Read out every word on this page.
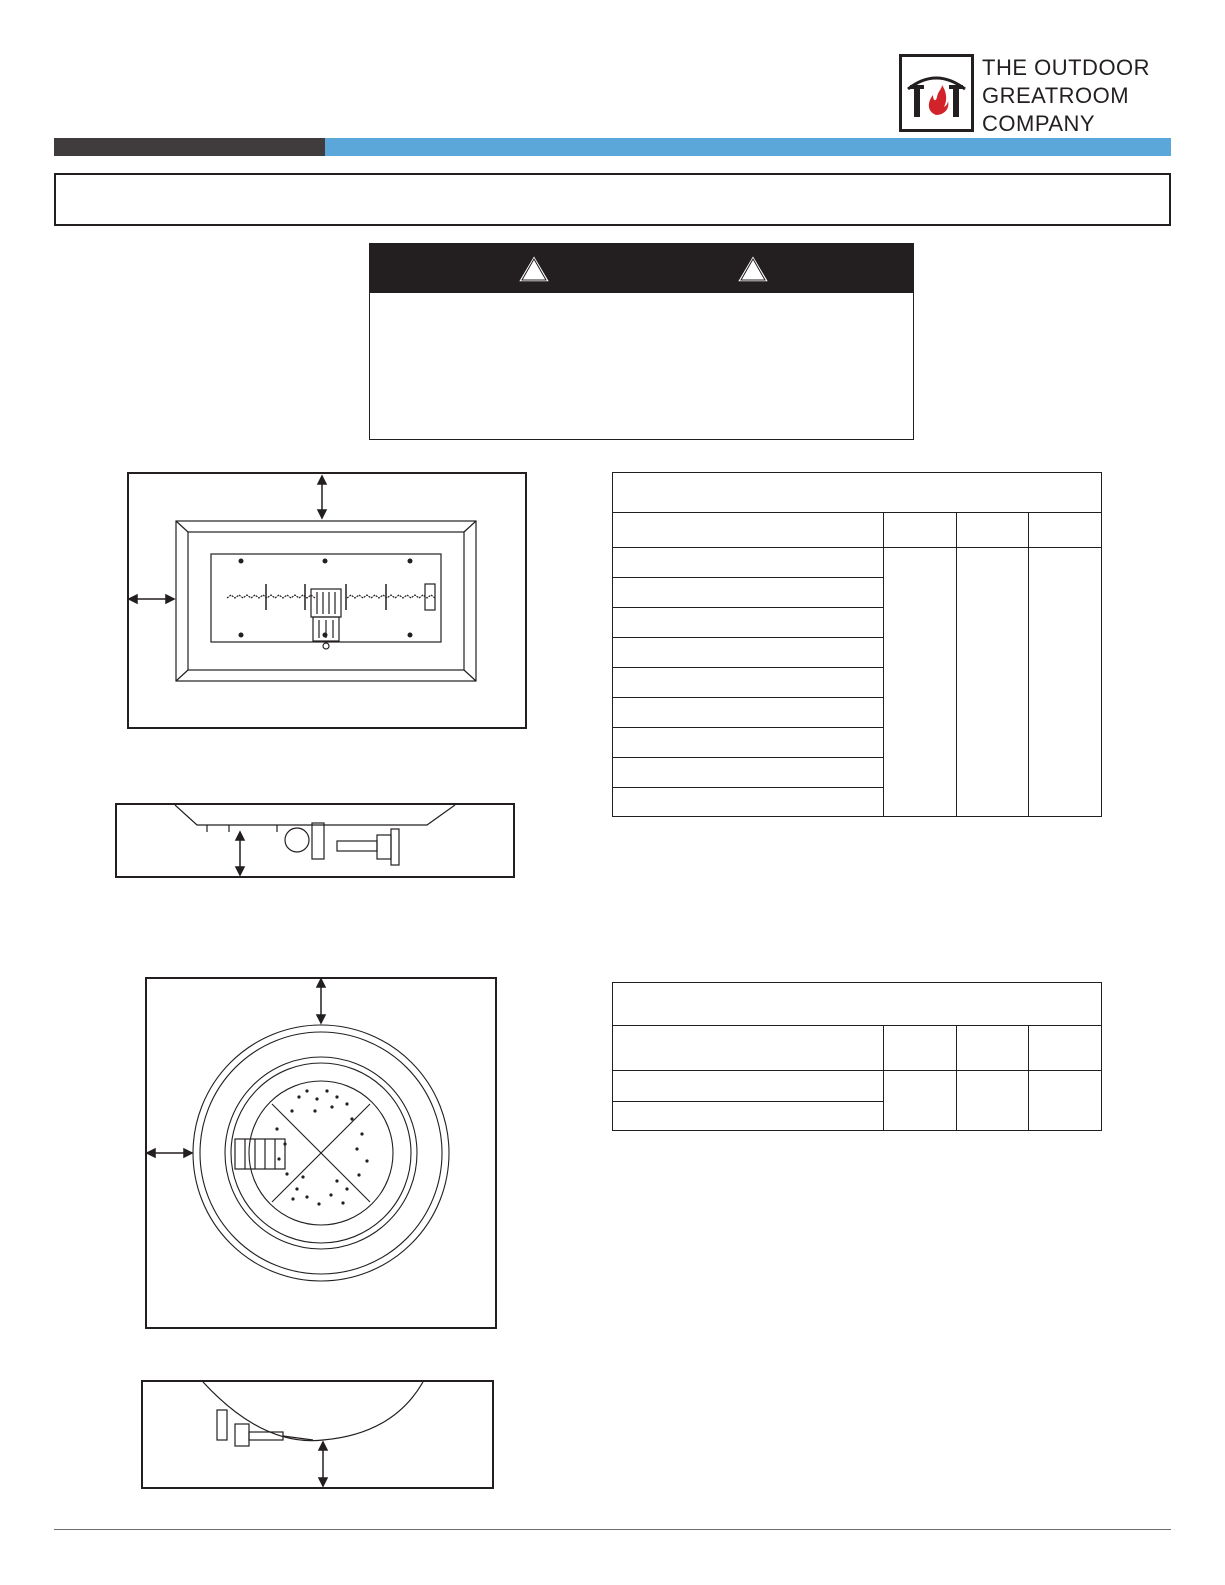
THE OUTDOOR
GREATROOM
COMPANY
